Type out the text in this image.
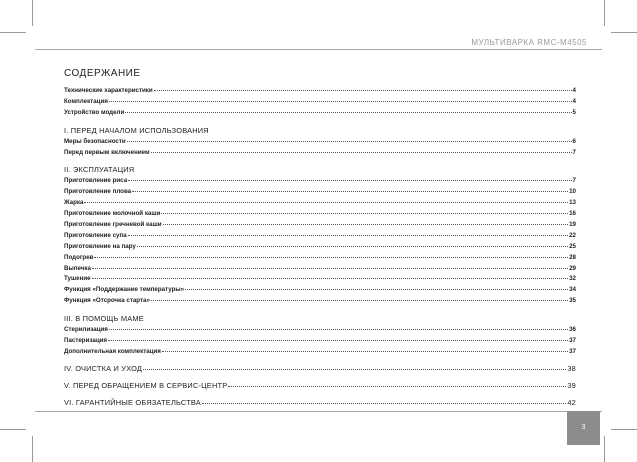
МУЛЬТИВАРКА RMC-M4505
СОДЕРЖАНИЕ
Технические характеристики	4
Комплектация	4
Устройство модели	5
I. ПЕРЕД НАЧАЛОМ ИСПОЛЬЗОВАНИЯ
Меры безопасности	6
Перед первым включением	7
II. ЭКСПЛУАТАЦИЯ
Приготовление риса	7
Приготовление плова	10
Жарка	13
Приготовление молочной каши	16
Приготовление гречневой каши	19
Приготовление супа	22
Приготовление на пару	25
Подогрев	28
Выпечка	29
Тушение	32
Функция «Поддержание температуры»	34
Функция «Отсрочка старта»	35
III. В ПОМОЩЬ МАМЕ
Стерилизация	36
Пастеризация	37
Дополнительная комплектация	37
IV. ОЧИСТКА И УХОД	38
V. ПЕРЕД ОБРАЩЕНИЕМ В СЕРВИС-ЦЕНТР	39
VI. ГАРАНТИЙНЫЕ ОБЯЗАТЕЛЬСТВА	42
3
